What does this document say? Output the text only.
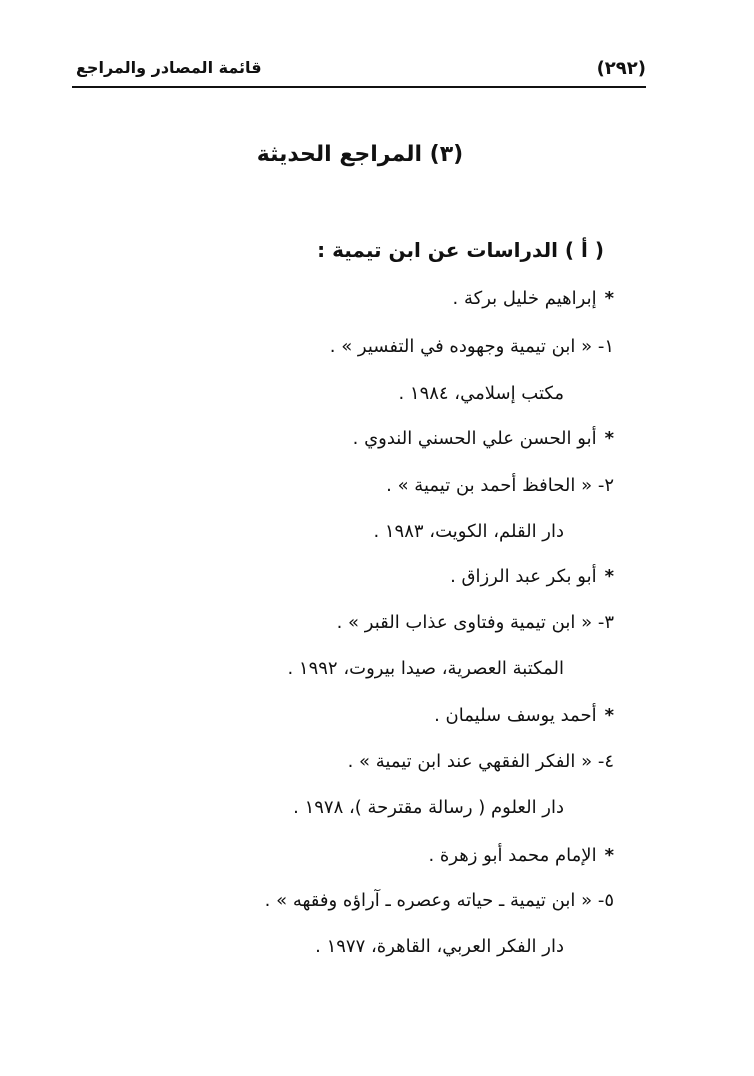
(٢٩٢)
قائمة المصادر والمراجع
(٣) المراجع الحديثة
( أ ) الدراسات عن ابن تيمية :
*إبراهيم خليل بركة .
١- « ابن تيمية وجهوده في التفسير » .
مكتب إسلامي، ١٩٨٤ .
*أبو الحسن علي الحسني الندوي .
٢- « الحافظ أحمد بن تيمية » .
دار القلم، الكويت، ١٩٨٣ .
*أبو بكر عبد الرزاق .
٣- « ابن تيمية وفتاوى عذاب القبر » .
المكتبة العصرية، صيدا بيروت، ١٩٩٢ .
*أحمد يوسف سليمان .
٤- « الفكر الفقهي عند ابن تيمية » .
دار العلوم ( رسالة مقترحة )، ١٩٧٨ .
*الإمام محمد أبو زهرة .
٥- « ابن تيمية ـ حياته وعصره ـ آراؤه وفقهه » .
دار الفكر العربي، القاهرة، ١٩٧٧ .
